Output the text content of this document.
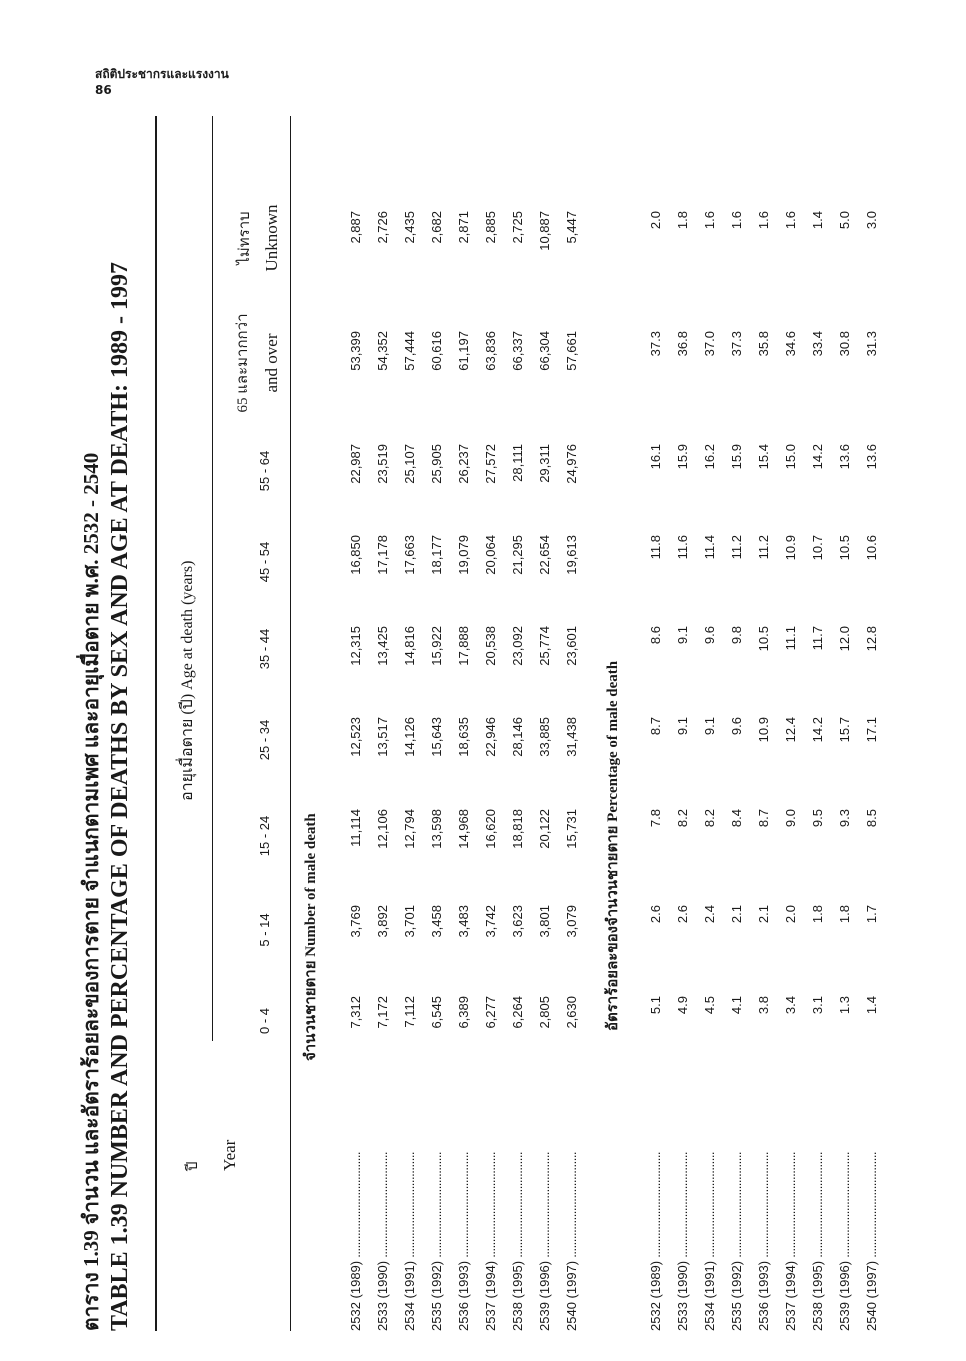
สถิติประชากรและแรงงาน
86
ตาราง 1.39 จำนวน และอัตราร้อยละของการตาย จำแนกตามเพศ และอายุเมื่อตาย พ.ศ. 2532 - 2540 TABLE 1.39 NUMBER AND PERCENTAGE OF DEATHS BY SEX AND AGE AT DEATH: 1989 - 1997	ปี Year
อายุเมื่อตาย (ปี) Age at death (years)
0 - 4
5 - 14
15 - 24
25 - 34
35 - 44
45 - 54
55 - 64
65 และมากกว่า and over
ไม่ทราบ Unknown
จำนวนชายตาย Number of male death
2532 (1989) ..................................
7,312
3,769
11,114
12,523
12,315
16,850
22,987
53,399
2,887
2533 (1990) ..................................
7,172
3,892
12,106
13,517
13,425
17,178
23,519
54,352
2,726
2534 (1991) ..................................
7,112
3,701
12,794
14,126
14,816
17,663
25,107
57,444
2,435
2535 (1992) ..................................
6,545
3,458
13,598
15,643
15,922
18,177
25,905
60,616
2,682
2536 (1993) ..................................
6,389
3,483
14,968
18,635
17,888
19,079
26,237
61,197
2,871
2537 (1994) ..................................
6,277
3,742
16,620
22,946
20,538
20,064
27,572
63,836
2,885
2538 (1995) ..................................
6,264
3,623
18,818
28,146
23,092
21,295
28,111
66,337
2,725
2539 (1996) ..................................
2,805
3,801
20,122
33,885
25,774
22,654
29,311
66,304
10,887
2540 (1997) ..................................
2,630
3,079
15,731
31,438
23,601
19,613
24,976
57,661
5,447
อัตราร้อยละของจำนวนชายตาย Percentage of male death
2532 (1989) ..................................
5.1
2.6
7.8
8.7
8.6
11.8
16.1
37.3
2.0
2533 (1990) ..................................
4.9
2.6
8.2
9.1
9.1
11.6
15.9
36.8
1.8
2534 (1991) ..................................
4.5
2.4
8.2
9.1
9.6
11.4
16.2
37.0
1.6
2535 (1992) ..................................
4.1
2.1
8.4
9.6
9.8
11.2
15.9
37.3
1.6
2536 (1993) ..................................
3.8
2.1
8.7
10.9
10.5
11.2
15.4
35.8
1.6
2537 (1994) ..................................
3.4
2.0
9.0
12.4
11.1
10.9
15.0
34.6
1.6
2538 (1995) ..................................
3.1
1.8
9.5
14.2
11.7
10.7
14.2
33.4
1.4
2539 (1996) ..................................
1.3
1.8
9.3
15.7
12.0
10.5
13.6
30.8
5.0
2540 (1997) ..................................
1.4
1.7
8.5
17.1
12.8
10.6
13.6
31.3
3.0
